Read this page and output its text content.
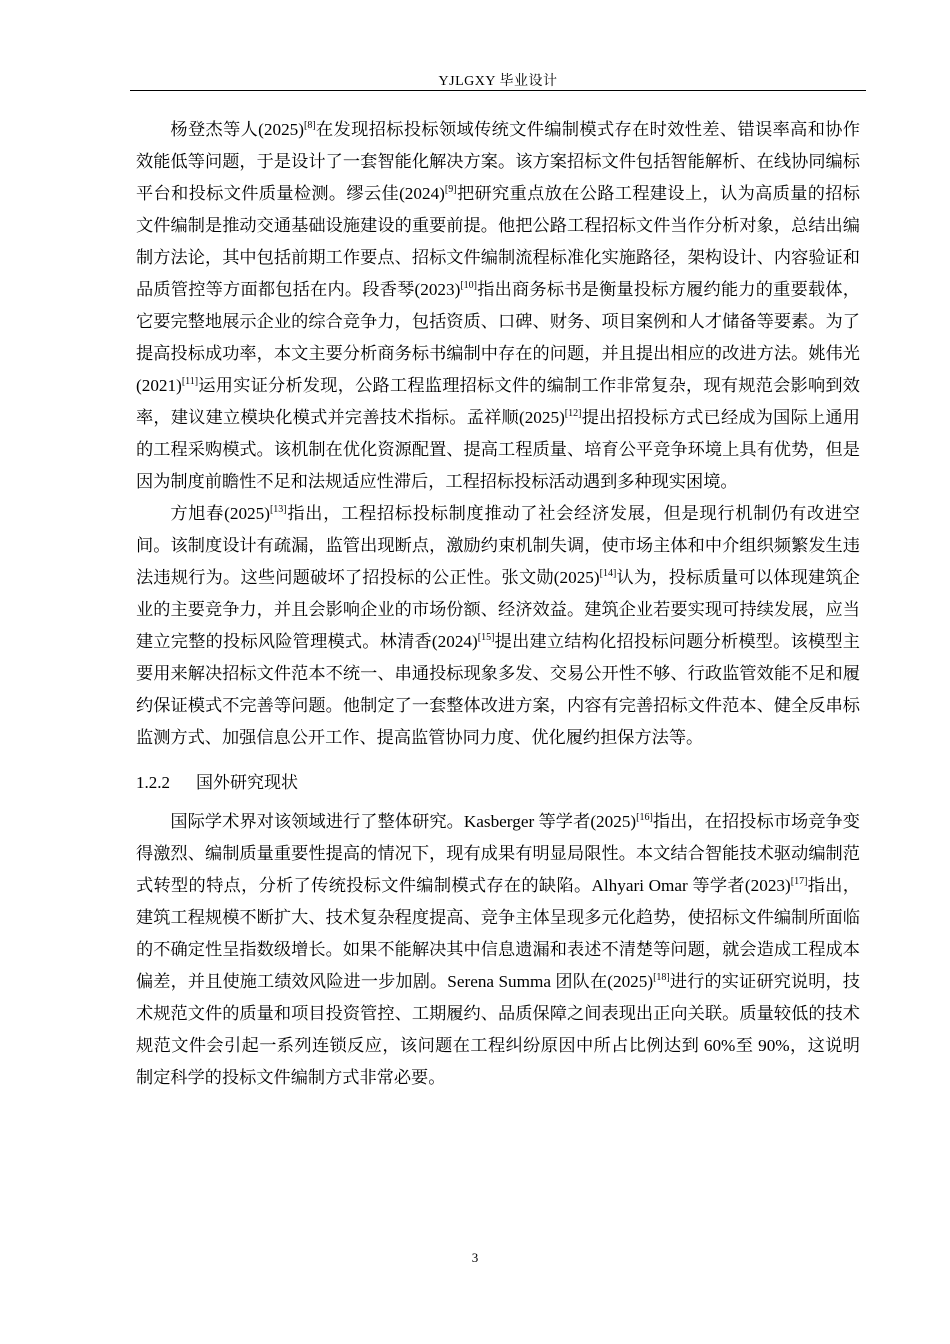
YJLGXY 毕业设计

杨登杰等人(2025)[8]在发现招标投标领域传统文件编制模式存在时效性差、错误率高和协作效能低等问题，于是设计了一套智能化解决方案。该方案招标文件包括智能解析、在线协同编标平台和投标文件质量检测。缪云佳(2024)[9]把研究重点放在公路工程建设上，认为高质量的招标文件编制是推动交通基础设施建设的重要前提。他把公路工程招标文件当作分析对象，总结出编制方法论，其中包括前期工作要点、招标文件编制流程标准化实施路径，架构设计、内容验证和品质管控等方面都包括在内。段香琴(2023)[10]指出商务标书是衡量投标方履约能力的重要载体，它要完整地展示企业的综合竞争力，包括资质、口碑、财务、项目案例和人才储备等要素。为了提高投标成功率，本文主要分析商务标书编制中存在的问题，并且提出相应的改进方法。姚伟光(2021)[11]运用实证分析发现，公路工程监理招标文件的编制工作非常复杂，现有规范会影响到效率，建议建立模块化模式并完善技术指标。孟祥顺(2025)[12]提出招投标方式已经成为国际上通用的工程采购模式。该机制在优化资源配置、提高工程质量、培育公平竞争环境上具有优势，但是因为制度前瞻性不足和法规适应性滞后，工程招标投标活动遇到多种现实困境。

方旭春(2025)[13]指出，工程招标投标制度推动了社会经济发展，但是现行机制仍有改进空间。该制度设计有疏漏，监管出现断点，激励约束机制失调，使市场主体和中介组织频繁发生违法违规行为。这些问题破坏了招投标的公正性。张文勋(2025)[14]认为，投标质量可以体现建筑企业的主要竞争力，并且会影响企业的市场份额、经济效益。建筑企业若要实现可持续发展，应当建立完整的投标风险管理模式。林清香(2024)[15]提出建立结构化招投标问题分析模型。该模型主要用来解决招标文件范本不统一、串通投标现象多发、交易公开性不够、行政监管效能不足和履约保证模式不完善等问题。他制定了一套整体改进方案，内容有完善招标文件范本、健全反串标监测方式、加强信息公开工作、提高监管协同力度、优化履约担保方法等。

1.2.2	国外研究现状

国际学术界对该领域进行了整体研究。Kasberger 等学者(2025)[16]指出，在招投标市场竞争变得激烈、编制质量重要性提高的情况下，现有成果有明显局限性。本文结合智能技术驱动编制范式转型的特点，分析了传统投标文件编制模式存在的缺陷。Alhyari Omar 等学者(2023)[17]指出，建筑工程规模不断扩大、技术复杂程度提高、竞争主体呈现多元化趋势，使招标文件编制所面临的不确定性呈指数级增长。如果不能解决其中信息遗漏和表述不清楚等问题，就会造成工程成本偏差，并且使施工绩效风险进一步加剧。Serena Summa 团队在(2025)[18]进行的实证研究说明，技术规范文件的质量和项目投资管控、工期履约、品质保障之间表现出正向关联。质量较低的技术规范文件会引起一系列连锁反应，该问题在工程纠纷原因中所占比例达到 60%至 90%，这说明制定科学的投标文件编制方式非常必要。

3
